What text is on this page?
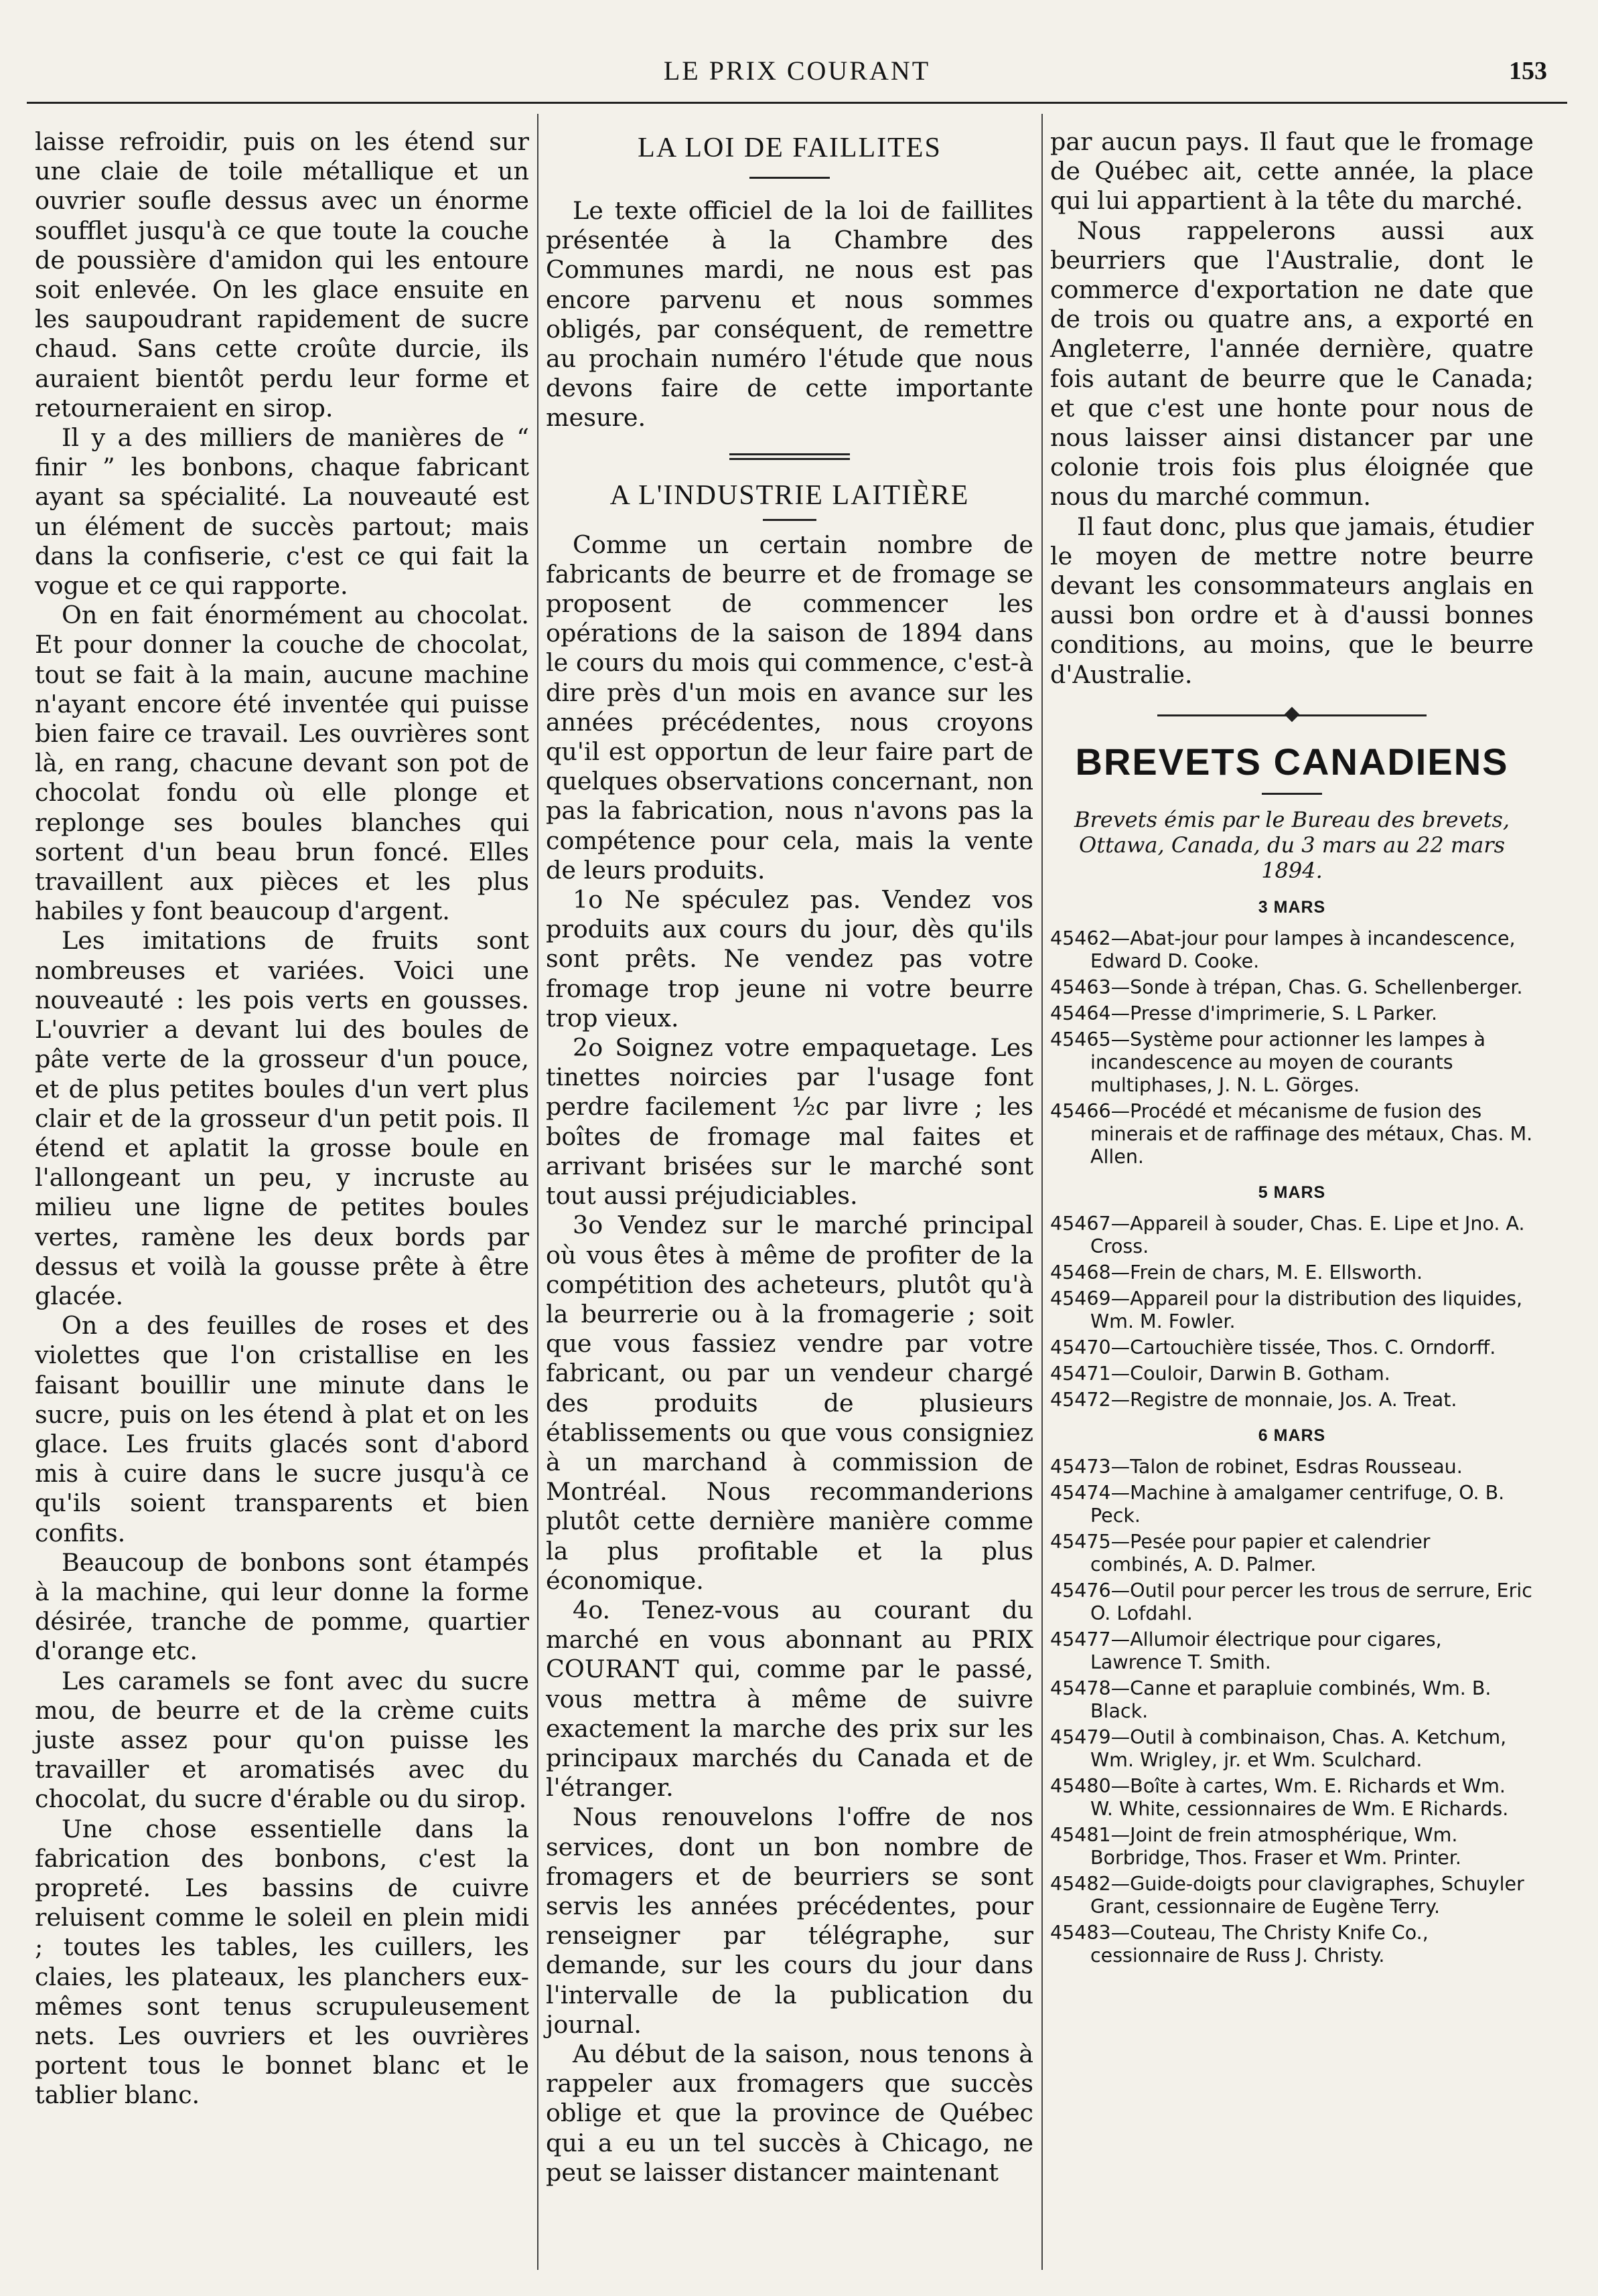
LE PRIX COURANT	153

laisse refroidir, puis on les étend sur une claie de toile métallique et un ouvrier soufle dessus avec un énorme soufflet jusqu'à ce que toute la couche de poussière d'amidon qui les entoure soit enlevée. On les glace ensuite en les saupoudrant rapidement de sucre chaud. Sans cette croûte durcie, ils auraient bientôt perdu leur forme et retourneraient en sirop.

Il y a des milliers de manières de “ finir ” les bonbons, chaque fabricant ayant sa spécialité. La nouveauté est un élément de succès partout; mais dans la confiserie, c'est ce qui fait la vogue et ce qui rapporte.

On en fait énormément au chocolat. Et pour donner la couche de chocolat, tout se fait à la main, aucune machine n'ayant encore été inventée qui puisse bien faire ce travail. Les ouvrières sont là, en rang, chacune devant son pot de chocolat fondu où elle plonge et replonge ses boules blanches qui sortent d'un beau brun foncé. Elles travaillent aux pièces et les plus habiles y font beaucoup d'argent.

Les imitations de fruits sont nombreuses et variées. Voici une nouveauté : les pois verts en gousses. L'ouvrier a devant lui des boules de pâte verte de la grosseur d'un pouce, et de plus petites boules d'un vert plus clair et de la grosseur d'un petit pois. Il étend et aplatit la grosse boule en l'allongeant un peu, y incruste au milieu une ligne de petites boules vertes, ramène les deux bords par dessus et voilà la gousse prête à être glacée.

On a des feuilles de roses et des violettes que l'on cristallise en les faisant bouillir une minute dans le sucre, puis on les étend à plat et on les glace. Les fruits glacés sont d'abord mis à cuire dans le sucre jusqu'à ce qu'ils soient transparents et bien confits.

Beaucoup de bonbons sont étampés à la machine, qui leur donne la forme désirée, tranche de pomme, quartier d'orange etc.

Les caramels se font avec du sucre mou, de beurre et de la crème cuits juste assez pour qu'on puisse les travailler et aromatisés avec du chocolat, du sucre d'érable ou du sirop.

Une chose essentielle dans la fabrication des bonbons, c'est la propreté. Les bassins de cuivre reluisent comme le soleil en plein midi ; toutes les tables, les cuillers, les claies, les plateaux, les planchers eux-mêmes sont tenus scrupuleusement nets. Les ouvriers et les ouvrières portent tous le bonnet blanc et le tablier blanc.

LA LOI DE FAILLITES

Le texte officiel de la loi de faillites présentée à la Chambre des Communes mardi, ne nous est pas encore parvenu et nous sommes obligés, par conséquent, de remettre au prochain numéro l'étude que nous devons faire de cette importante mesure.

A L'INDUSTRIE LAITIÈRE

Comme un certain nombre de fabricants de beurre et de fromage se proposent de commencer les opérations de la saison de 1894 dans le cours du mois qui commence, c'est-à dire près d'un mois en avance sur les années précédentes, nous croyons qu'il est opportun de leur faire part de quelques observations concernant, non pas la fabrication, nous n'avons pas la compétence pour cela, mais la vente de leurs produits.

1o Ne spéculez pas. Vendez vos produits aux cours du jour, dès qu'ils sont prêts. Ne vendez pas votre fromage trop jeune ni votre beurre trop vieux.

2o Soignez votre empaquetage. Les tinettes noircies par l'usage font perdre facilement ½c par livre ; les boîtes de fromage mal faites et arrivant brisées sur le marché sont tout aussi préjudiciables.

3o Vendez sur le marché principal où vous êtes à même de profiter de la compétition des acheteurs, plutôt qu'à la beurrerie ou à la fromagerie ; soit que vous fassiez vendre par votre fabricant, ou par un vendeur chargé des produits de plusieurs établissements ou que vous consigniez à un marchand à commission de Montréal. Nous recommanderions plutôt cette dernière manière comme la plus profitable et la plus économique.

4o. Tenez-vous au courant du marché en vous abonnant au PRIX COURANT qui, comme par le passé, vous mettra à même de suivre exactement la marche des prix sur les principaux marchés du Canada et de l'étranger.

Nous renouvelons l'offre de nos services, dont un bon nombre de fromagers et de beurriers se sont servis les années précédentes, pour renseigner par télégraphe, sur demande, sur les cours du jour dans l'intervalle de la publication du journal.

Au début de la saison, nous tenons à rappeler aux fromagers que succès oblige et que la province de Québec qui a eu un tel succès à Chicago, ne peut se laisser distancer maintenant

par aucun pays. Il faut que le fromage de Québec ait, cette année, la place qui lui appartient à la tête du marché.

Nous rappelerons aussi aux beurriers que l'Australie, dont le commerce d'exportation ne date que de trois ou quatre ans, a exporté en Angleterre, l'année dernière, quatre fois autant de beurre que le Canada; et que c'est une honte pour nous de nous laisser ainsi distancer par une colonie trois fois plus éloignée que nous du marché commun.

Il faut donc, plus que jamais, étudier le moyen de mettre notre beurre devant les consommateurs anglais en aussi bon ordre et à d'aussi bonnes conditions, au moins, que le beurre d'Australie.

BREVETS CANADIENS
Brevets émis par le Bureau des brevets, Ottawa, Canada, du 3 mars au 22 mars 1894.
3 MARS
45462—Abat-jour pour lampes à incandescence, Edward D. Cooke.
45463—Sonde à trépan, Chas. G. Schellenberger.
45464—Presse d'imprimerie, S. L Parker.
45465—Système pour actionner les lampes à incandescence au moyen de courants multiphases, J. N. L. Görges.
45466—Procédé et mécanisme de fusion des minerais et de raffinage des métaux, Chas. M. Allen.
5 MARS
45467—Appareil à souder, Chas. E. Lipe et Jno. A. Cross.
45468—Frein de chars, M. E. Ellsworth.
45469—Appareil pour la distribution des liquides, Wm. M. Fowler.
45470—Cartouchière tissée, Thos. C. Orndorff.
45471—Couloir, Darwin B. Gotham.
45472—Registre de monnaie, Jos. A. Treat.
6 MARS
45473—Talon de robinet, Esdras Rousseau.
45474—Machine à amalgamer centrifuge, O. B. Peck.
45475—Pesée pour papier et calendrier combinés, A. D. Palmer.
45476—Outil pour percer les trous de serrure, Eric O. Lofdahl.
45477—Allumoir électrique pour cigares, Lawrence T. Smith.
45478—Canne et parapluie combinés, Wm. B. Black.
45479—Outil à combinaison, Chas. A. Ketchum, Wm. Wrigley, jr. et Wm. Sculchard.
45480—Boîte à cartes, Wm. E. Richards et Wm. W. White, cessionnaires de Wm. E Richards.
45481—Joint de frein atmosphérique, Wm. Borbridge, Thos. Fraser et Wm. Printer.
45482—Guide-doigts pour clavigraphes, Schuyler Grant, cessionnaire de Eugène Terry.
45483—Couteau, The Christy Knife Co., cessionnaire de Russ J. Christy.
